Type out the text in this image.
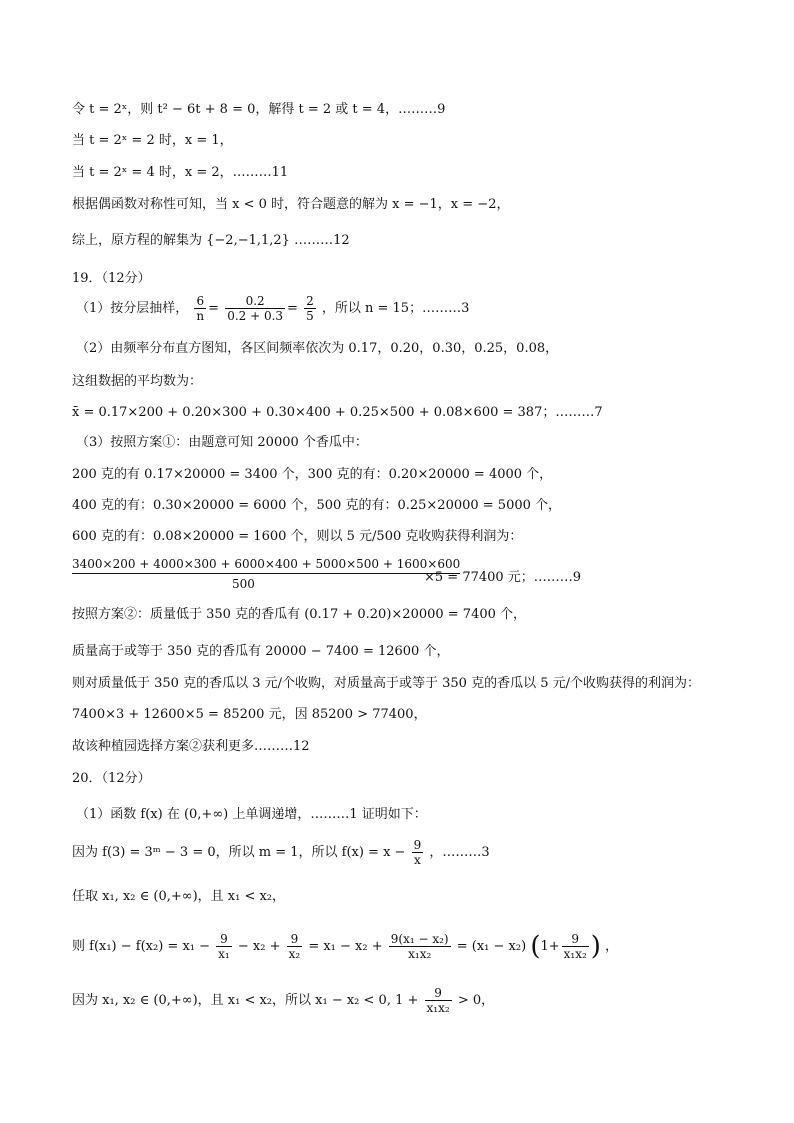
令 t = 2ˣ，则 t² − 6t + 8 = 0，解得 t = 2 或 t = 4，………9
当 t = 2ˣ = 2 时，x = 1，
当 t = 2ˣ = 4 时，x = 2，………11
根据偶函数对称性可知，当 x < 0 时，符合题意的解为 x = −1，x = −2，
综上，原方程的解集为 {−2,−1,1,2} ………12
19．（12分）
（1）按分层抽样， $\frac{6}{n} = \frac{0.2}{0.2 + 0.3} = \frac{2}{5}$ ，所以 n = 15；………3
（2）由频率分布直方图知，各区间频率依次为 0.17，0.20，0.30，0.25，0.08，
这组数据的平均数为：
x̄ = 0.17×200 + 0.20×300 + 0.30×400 + 0.25×500 + 0.08×600 = 387；………7
（3）按照方案①：由题意可知 20000 个香瓜中：
200 克的有 0.17×20000 = 3400 个，300 克的有：0.20×20000 = 4000 个，
400 克的有：0.30×20000 = 6000 个，500 克的有：0.25×20000 = 5000 个，
600 克的有：0.08×20000 = 1600 个，则以 5 元/500 克收购获得利润为：
3400×200 + 4000×300 + 6000×400 + 5000×500 + 1600×600
500	×5 = 77400 元；………9
按照方案②：质量低于 350 克的香瓜有 (0.17 + 0.20)×20000 = 7400 个，
质量高于或等于 350 克的香瓜有 20000 − 7400 = 12600 个，
则对质量低于 350 克的香瓜以 3 元/个收购，对质量高于或等于 350 克的香瓜以 5 元/个收购获得的利润为：
7400×3 + 12600×5 = 85200 元，因 85200 > 77400，
故该种植园选择方案②获利更多………12
20．（12分）
（1）函数 f(x) 在 (0,+∞) 上单调递增，………1 证明如下：
因为 f(3) = 3ᵐ − 3 = 0，所以 m = 1，所以 $f(x) = x - \frac{9}{x}$ ，………3
任取 x₁, x₂ ∈ (0,+∞)，且 x₁ < x₂，
则 $f(x_1) - f(x_2) = x_1 - \frac{9}{\text{x₁}} - x_2 + \frac{9}{\text{x₂}} = x_1 - x_2 + \frac{\text{9(x₁ − x₂)}}{\text{x₁x₂}} = (x_1 - x_2)$ ($1+ \frac{9}{\text{x₁x₂}}$ ) ，
因为 x₁, x₂ ∈ (0,+∞)，且 x₁ < x₂，所以 x₁ − x₂ < 0, $1 + \frac{9}{\text{x₁x₂}} > 0$，
